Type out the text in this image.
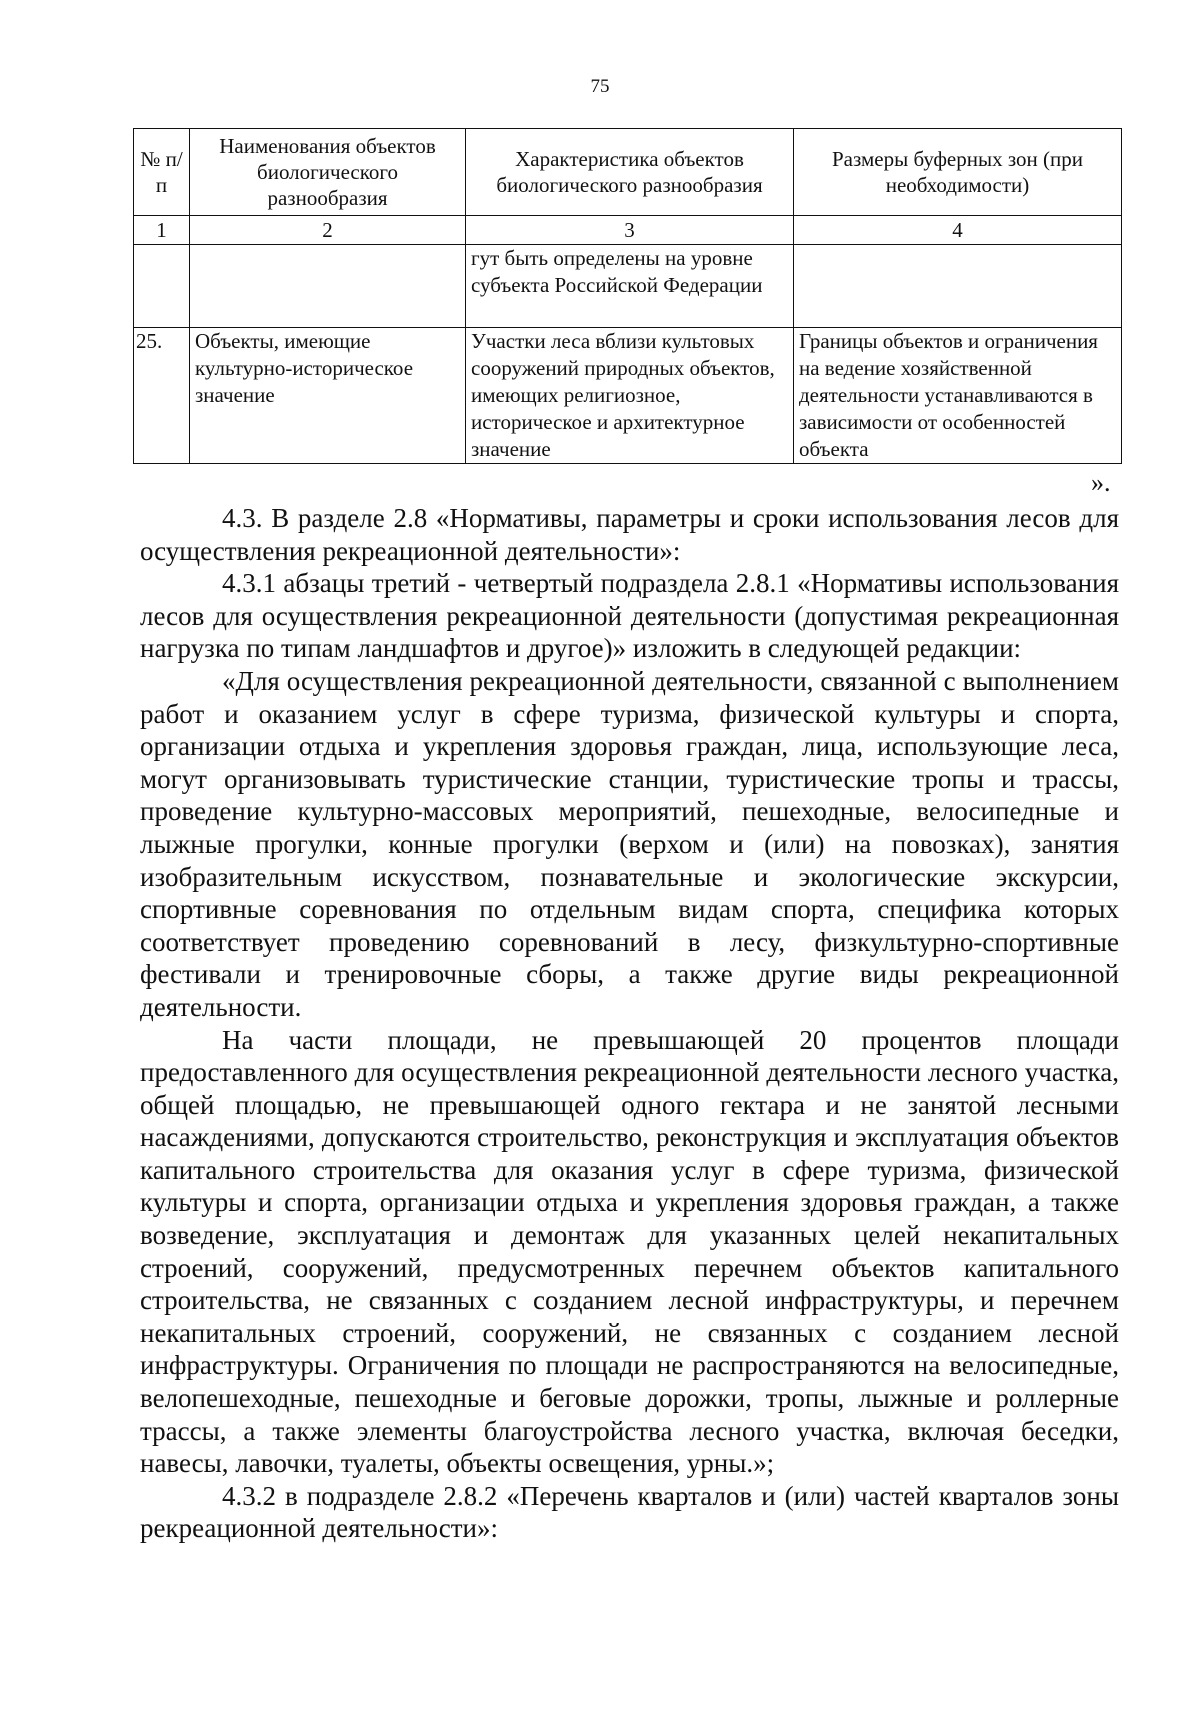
75
№ п/п	Наименования объектов биологического разнообразия	Характеристика объектов биологического разнообразия	Размеры буферных зон (при необходимости)
1	2	3	4
		гут быть определены на уровне субъекта Российской Федерации	
25.	Объекты, имеющие культурно-историческое значение	Участки леса вблизи культовых сооружений природных объектов, имеющих религиозное, историческое и архитектурное значение	Границы объектов и ограничения на ведение хозяйственной деятельности устанавливаются в зависимости от особенностей объекта
».

4.3. В разделе 2.8 «Нормативы, параметры и сроки использования лесов для осуществления рекреационной деятельности»:

4.3.1 абзацы третий - четвертый подраздела 2.8.1 «Нормативы использования лесов для осуществления рекреационной деятельности (допустимая рекреационная нагрузка по типам ландшафтов и другое)» изложить в следующей редакции:

«Для осуществления рекреационной деятельности, связанной с выполнением работ и оказанием услуг в сфере туризма, физической культуры и спорта, организации отдыха и укрепления здоровья граждан, лица, использующие леса, могут организовывать туристические станции, туристические тропы и трассы, проведение культурно-массовых мероприятий, пешеходные, велосипедные и лыжные прогулки, конные прогулки (верхом и (или) на повозках), занятия изобразительным искусством, познавательные и экологические экскурсии, спортивные соревнования по отдельным видам спорта, специфика которых соответствует проведению соревнований в лесу, физкультурно-спортивные фестивали и тренировочные сборы, а также другие виды рекреационной деятельности.

На части площади, не превышающей 20 процентов площади предоставленного для осуществления рекреационной деятельности лесного участка, общей площадью, не превышающей одного гектара и не занятой лесными насаждениями, допускаются строительство, реконструкция и эксплуатация объектов капитального строительства для оказания услуг в сфере туризма, физической культуры и спорта, организации отдыха и укрепления здоровья граждан, а также возведение, эксплуатация и демонтаж для указанных целей некапитальных строений, сооружений, предусмотренных перечнем объектов капитального строительства, не связанных с созданием лесной инфраструктуры, и перечнем некапитальных строений, сооружений, не связанных с созданием лесной инфраструктуры. Ограничения по площади не распространяются на велосипедные, велопешеходные, пешеходные и беговые дорожки, тропы, лыжные и роллерные трассы, а также элементы благоустройства лесного участка, включая беседки, навесы, лавочки, туалеты, объекты освещения, урны.»;

4.3.2 в подразделе 2.8.2 «Перечень кварталов и (или) частей кварталов зоны рекреационной деятельности»:
